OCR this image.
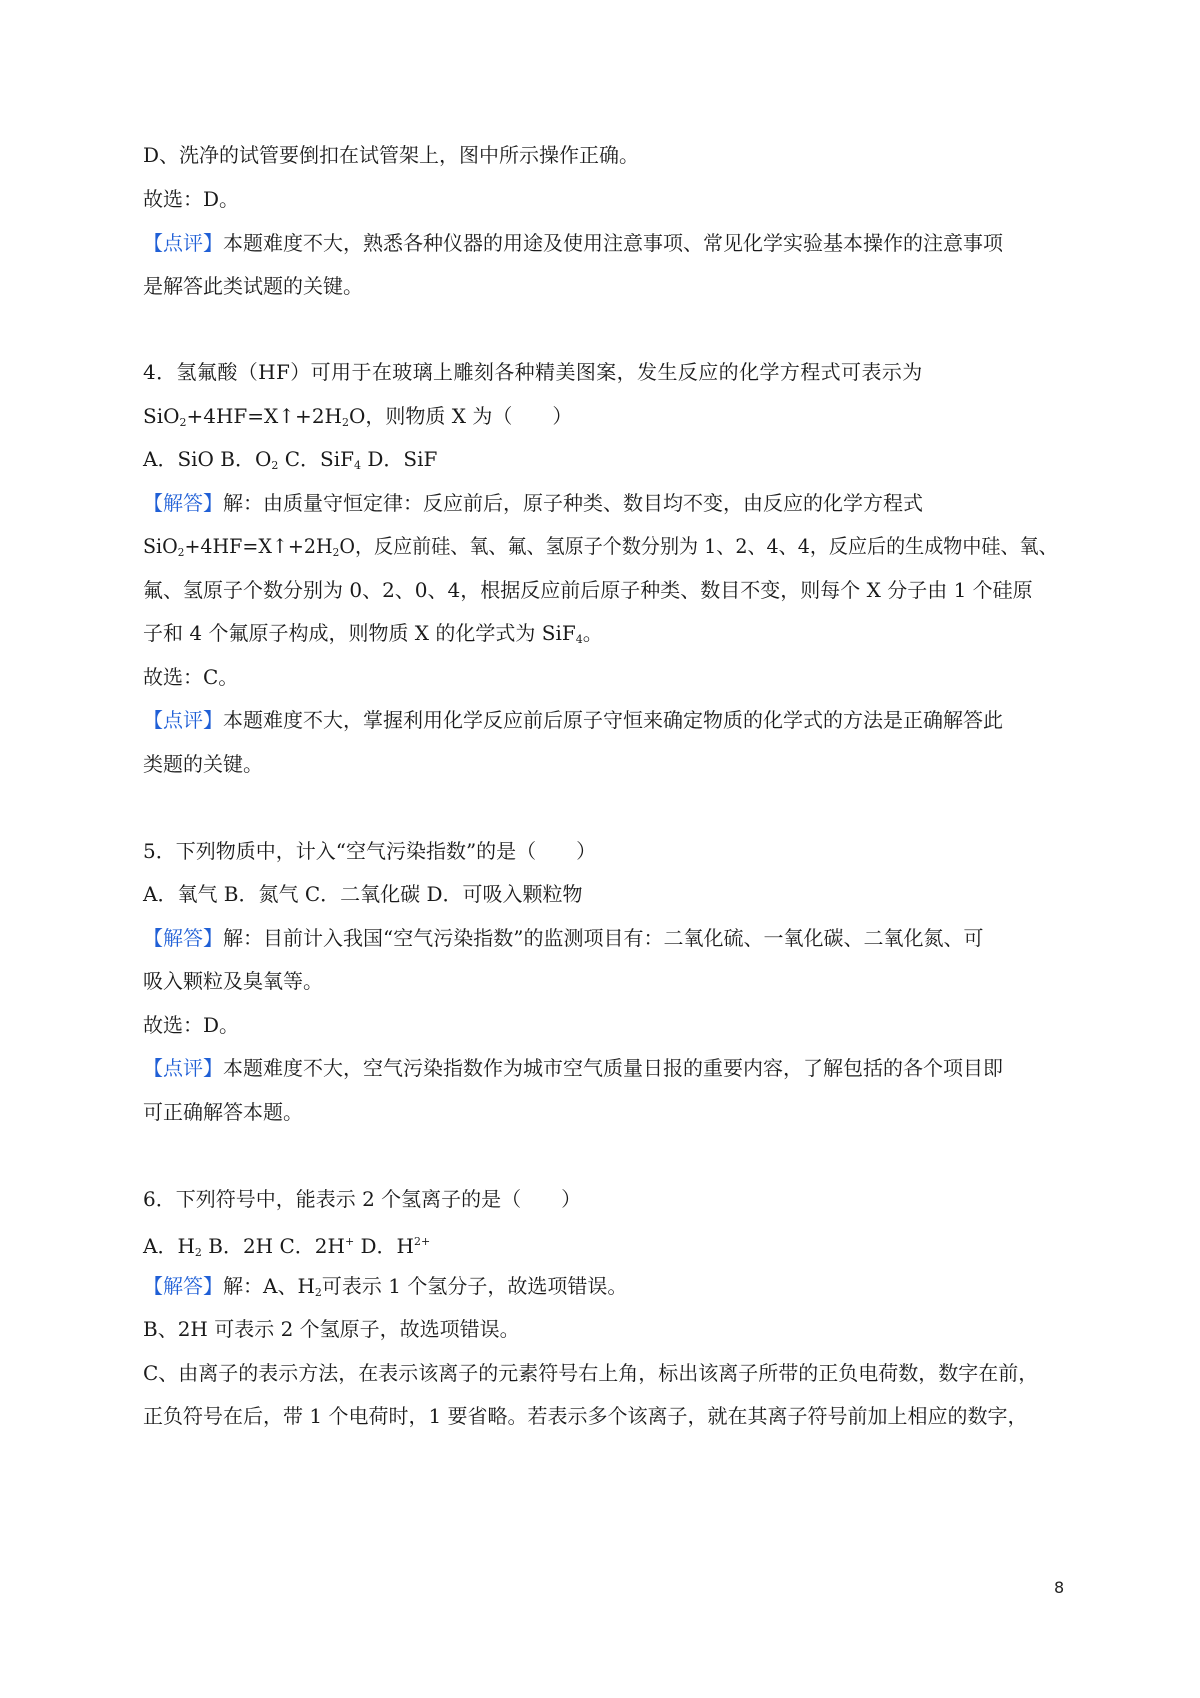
D、洗净的试管要倒扣在试管架上，图中所示操作正确。
故选：D。
【点评】本题难度不大，熟悉各种仪器的用途及使用注意事项、常见化学实验基本操作的注意事项
是解答此类试题的关键。
4．氢氟酸（HF）可用于在玻璃上雕刻各种精美图案，发生反应的化学方程式可表示为
$SiO_2+4HF=X↑+2H_2O$，则物质 X 为（　　）
A．SiO B．$O_2$ C．SiF$_4$ D．SiF
【解答】解：由质量守恒定律：反应前后，原子种类、数目均不变，由反应的化学方程式
$SiO_2+4HF=X↑+2H_2O$，反应前硅、氧、氟、氢原子个数分别为 1、2、4、4，反应后的生成物中硅、氧、
氟、氢原子个数分别为 0、2、0、4，根据反应前后原子种类、数目不变，则每个 X 分子由 1 个硅原
子和 4 个氟原子构成，则物质 X 的化学式为 SiF$_4$。
故选：C。
【点评】本题难度不大，掌握利用化学反应前后原子守恒来确定物质的化学式的方法是正确解答此
类题的关键。
5．下列物质中，计入“空气污染指数”的是（　　）
A．氧气 B．氮气 C．二氧化碳 D．可吸入颗粒物
【解答】解：目前计入我国“空气污染指数”的监测项目有：二氧化硫、一氧化碳、二氧化氮、可
吸入颗粒及臭氧等。
故选：D。
【点评】本题难度不大，空气污染指数作为城市空气质量日报的重要内容，了解包括的各个项目即
可正确解答本题。
6．下列符号中，能表示 2 个氢离子的是（　　）
A．$H_2$ B．2H C．2H+ D．$H^{2+}$
【解答】解：A、$H_2$可表示 1 个氢分子，故选项错误。
B、2H 可表示 2 个氢原子，故选项错误。
C、由离子的表示方法，在表示该离子的元素符号右上角，标出该离子所带的正负电荷数，数字在前，
正负符号在后，带 1 个电荷时，1 要省略。若表示多个该离子，就在其离子符号前加上相应的数字，
8
